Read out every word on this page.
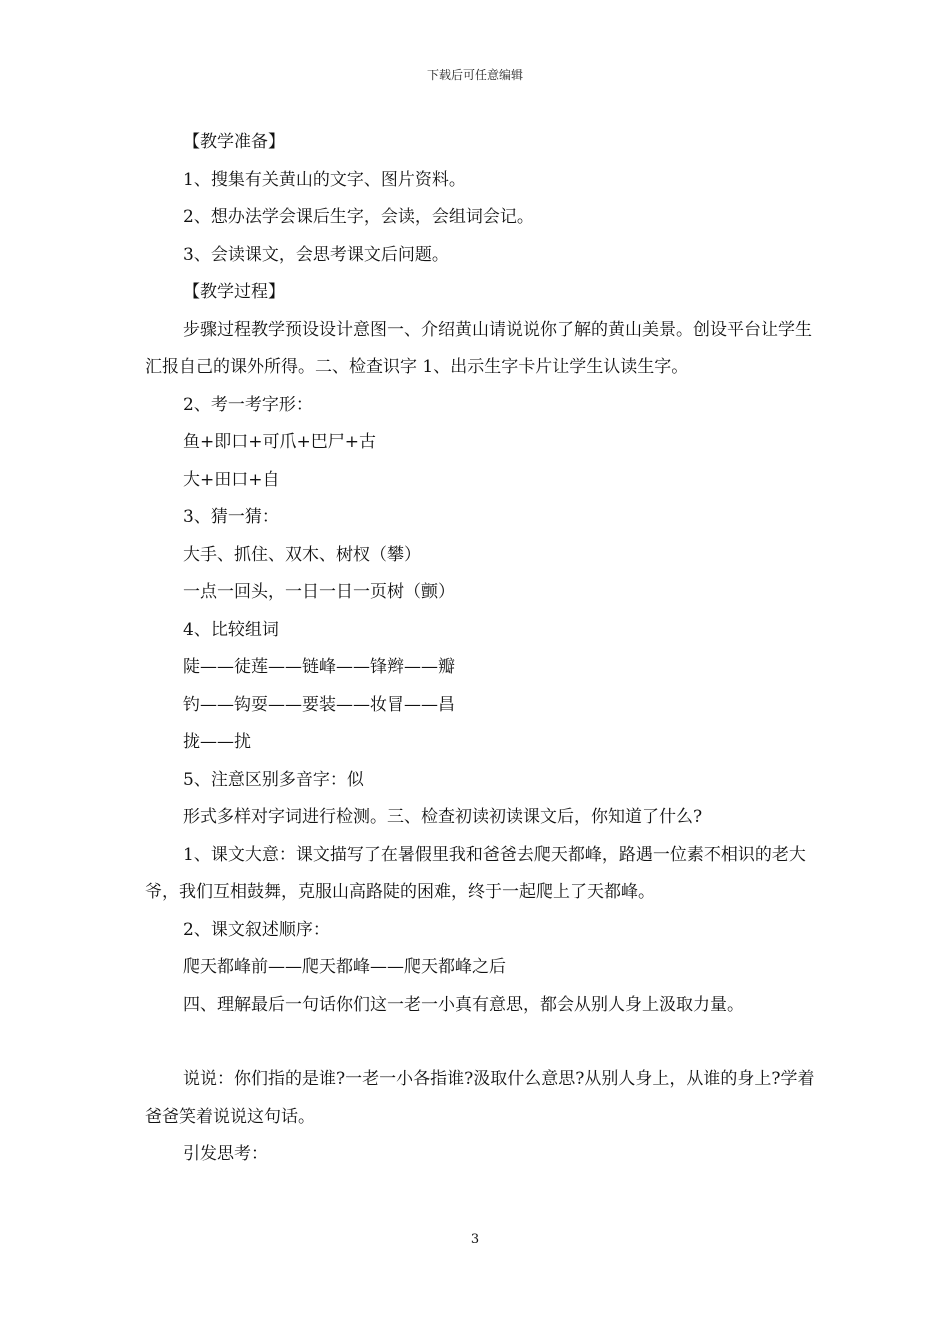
下载后可任意编辑

【教学准备】

1、搜集有关黄山的文字、图片资料。

2、想办法学会课后生字，会读，会组词会记。

3、会读课文，会思考课文后问题。

【教学过程】

步骤过程教学预设设计意图一、介绍黄山请说说你了解的黄山美景。创设平台让学生汇报自己的课外所得。二、检查识字 1、出示生字卡片让学生认读生字。

2、考一考字形：

鱼+即口+可爪+巴尸+古

大+田口+自

3、猜一猜：

大手、抓住、双木、树杈（攀）

一点一回头，一日一日一页树（颤）

4、比较组词

陡——徒莲——链峰——锋辫——瓣

钓——钩耍——要装——妆冒——昌

拢——扰

5、注意区别多音字：似

形式多样对字词进行检测。三、检查初读初读课文后，你知道了什么?

1、课文大意：课文描写了在暑假里我和爸爸去爬天都峰，路遇一位素不相识的老大爷，我们互相鼓舞，克服山高路陡的困难，终于一起爬上了天都峰。

2、课文叙述顺序：

爬天都峰前——爬天都峰——爬天都峰之后

四、理解最后一句话你们这一老一小真有意思，都会从别人身上汲取力量。

说说：你们指的是谁?一老一小各指谁?汲取什么意思?从别人身上，从谁的身上?学着爸爸笑着说说这句话。

引发思考：

3
